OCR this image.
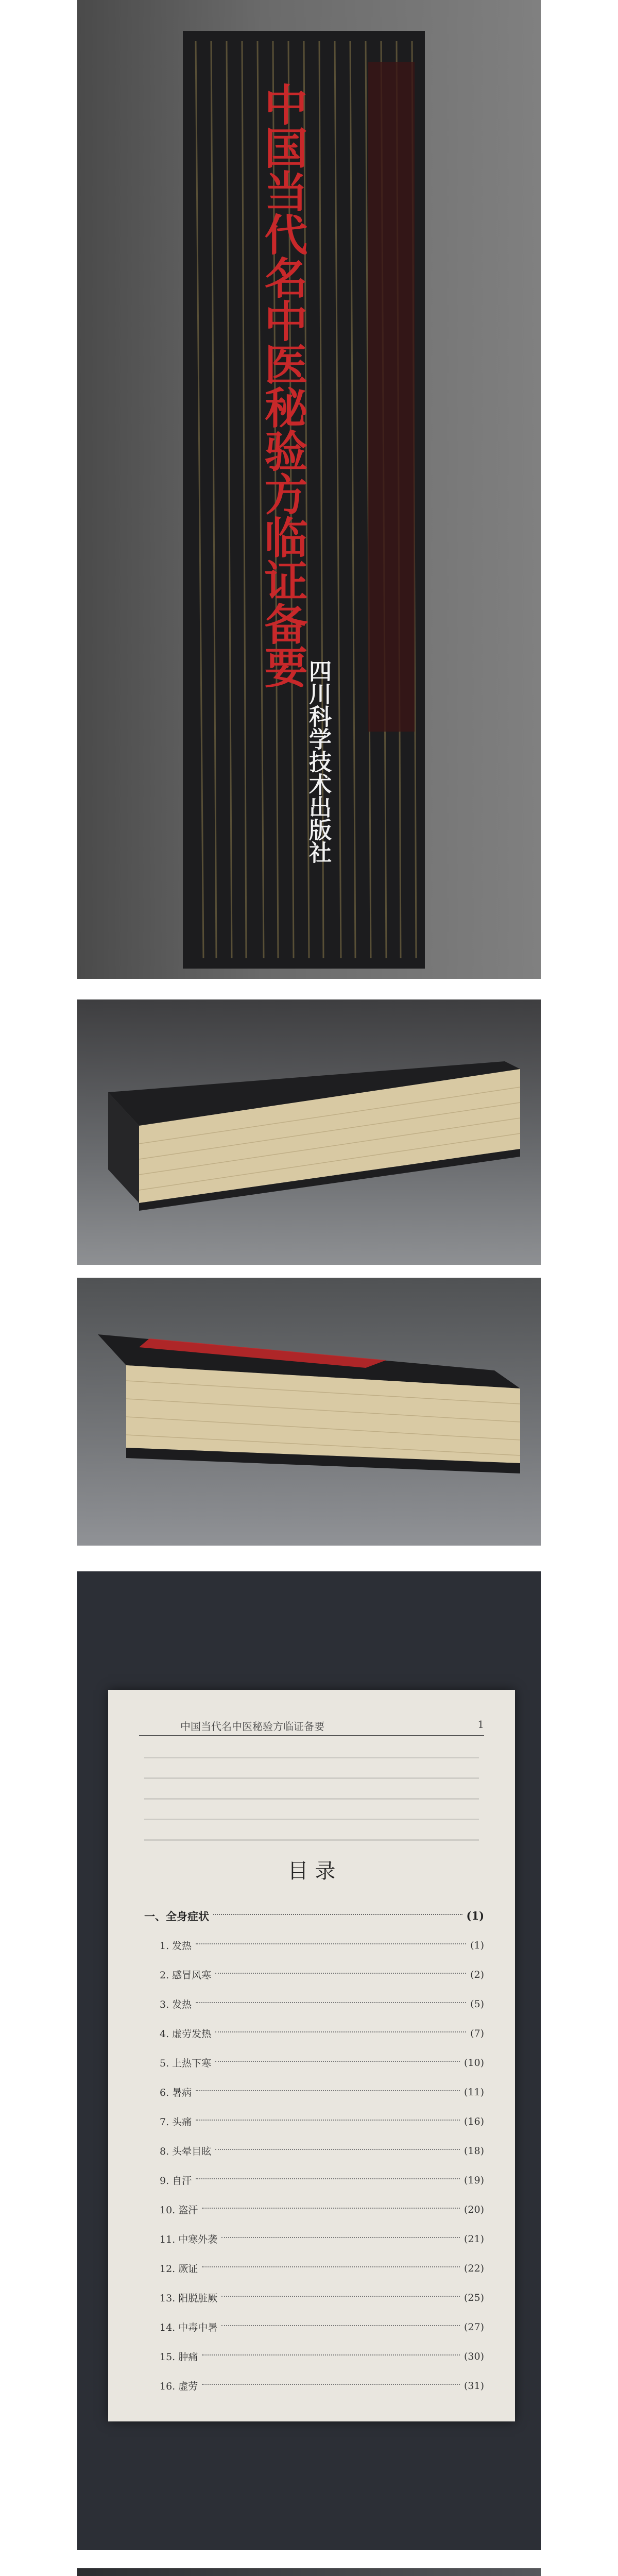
中国当代名中医秘验方临证备要
四川科学技术出版社
中国当代名中医秘验方临证备要	1
目 录
一、全身症状	(1)
1. 发热	(1)
2. 感冒风寒	(2)
3. 发热	(5)
4. 虚劳发热	(7)
5. 上热下寒	(10)
6. 暑病	(11)
7. 头痛	(16)
8. 头晕目眩	(18)
9. 自汗	(19)
10. 盗汗	(20)
11. 中寒外袭	(21)
12. 厥证	(22)
13. 阳脱脏厥	(25)
14. 中毒中暑	(27)
15. 肿痛	(30)
16. 虚劳	(31)
